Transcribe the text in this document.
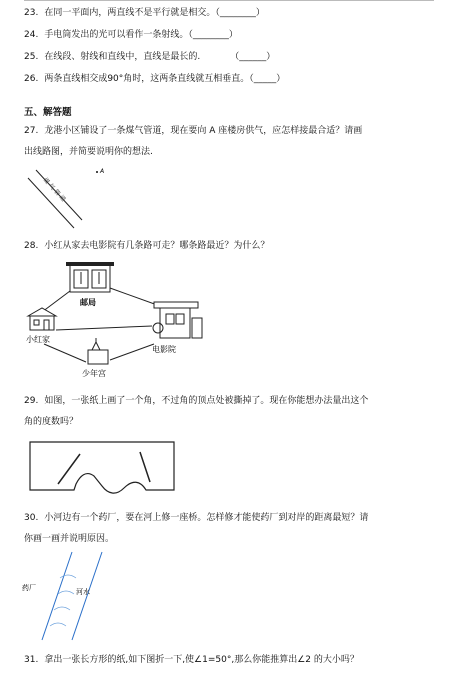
23. 在同一平面内，两直线不是平行就是相交。（________）
24. 手电筒发出的光可以看作一条射线。（________）
25. 在线段、射线和直线中，直线是最长的.	（______）
26. 两条直线相交成90°角时，这两条直线就互相垂直。（_____）
五、解答题
27. 龙港小区铺设了一条煤气管道，现在要向 A 座楼房供气，应怎样接最合适？请画
出线路图，并简要说明你的想法.
煤 气 管 道
A
28. 小红从家去电影院有几条路可走？哪条路最近？为什么？
邮局
小红家
电影院
少年宫
29. 如图，一张纸上画了一个角，不过角的顶点处被撕掉了。现在你能想办法量出这个
角的度数吗？
30. 小河边有一个药厂，要在河上修一座桥。怎样修才能使药厂到对岸的距离最短？请
你画一画并说明原因。
药厂	河水
31. 拿出一张长方形的纸,如下图折一下,使∠1=50°,那么你能推算出∠2 的大小吗？
